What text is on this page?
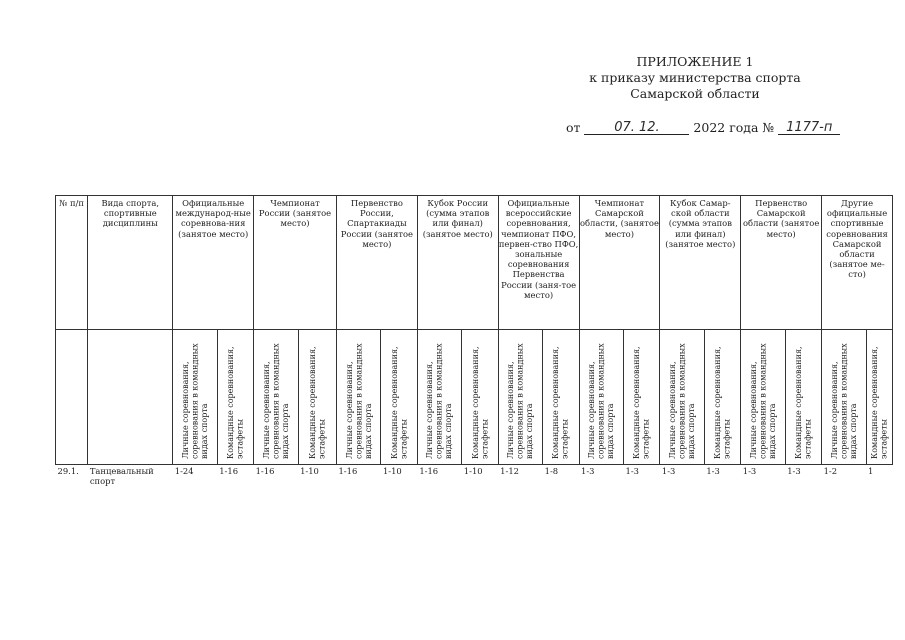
ПРИЛОЖЕНИЕ 1
к приказу министерства спорта
Самарской области
от	07. 12.	2022 года № 1177-п
№ п/п	Вида спорта, спортивные дисциплины	Официальные международ-ные соревнова-ния (занятое место)		Чемпионат России (занятое место)		Первенство России, Спартакиады России (занятое место)		Кубок России (сумма этапов или финал) (занятое место)		Официальные всероссийские соревнования, чемпионат ПФО, первен-ство ПФО, зональные соревнования Первенства России (заня-тое место)		Чемпионат Самарской области, (занятое место)		Кубок Самар-ской области (сумма этапов или финал) (занятое место)		Первенство Самарской области (занятое место)		Другие официальные спортивные соревнования Самарской области (занятое ме-сто)	
		Личные соревнования, соревнования в командных видах спорта	Командные соревнования, эстафеты	Личные соревнования, соревнования в командных видах спорта	Командные соревнования, эстафеты	Личные соревнования, соревнования в командных видах спорта	Командные соревнования, эстафеты	Личные соревнования, соревнования в командных видах спорта	Командные соревнования, эстафеты	Личные соревнования, соревнования в командных видах спорта	Командные соревнования, эстафеты	Личные соревнования, соревнования в командных видах спорта	Командные соревнования, эстафеты	Личные соревнования, соревнования в командных видах спорта	Командные соревнования, эстафеты	Личные соревнования, соревнования в командных видах спорта	Командные соревнования, эстафеты	Личные соревнования, соревнования в командных видах спорта	Командные соревнования, эстафеты
29.1.	Танцевальный спорт	1-24	1-16	1-16	1-10	1-16	1-10	1-16	1-10	1-12	1-8	1-3	1-3	1-3	1-3	1-3	1-3	1-2	1
